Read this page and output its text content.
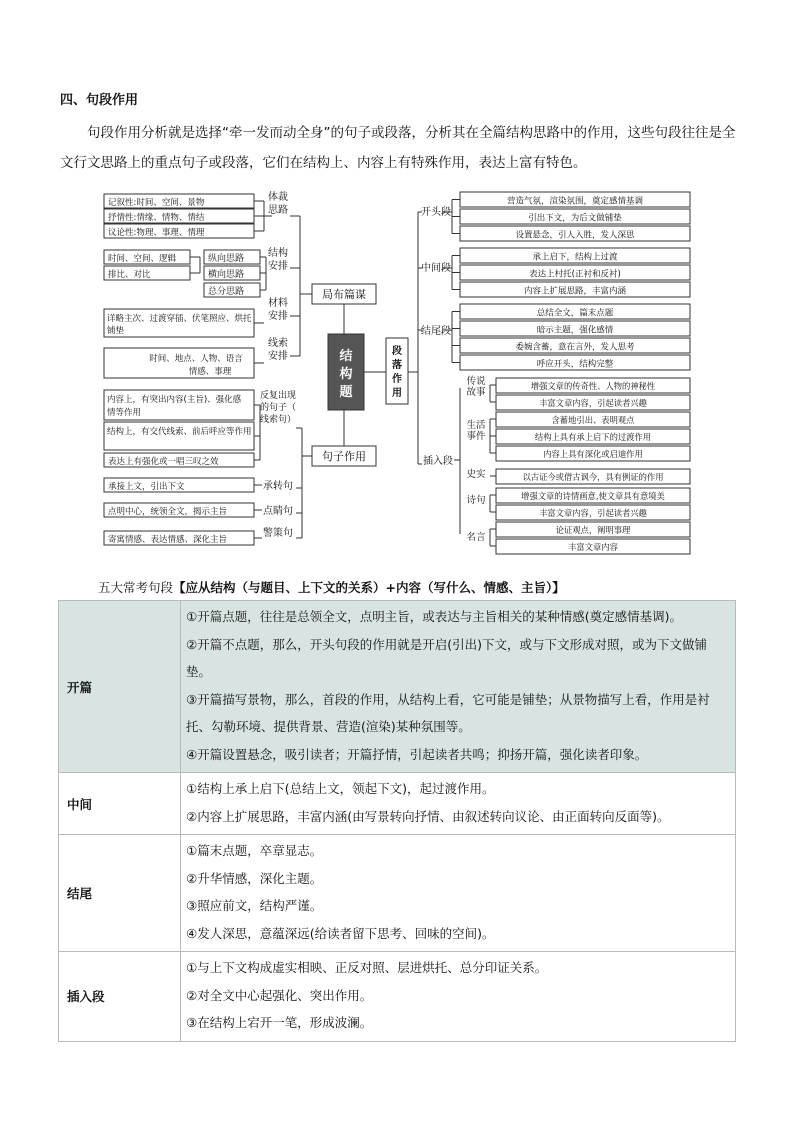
四、句段作用
句段作用分析就是选择“牵一发而动全身”的句子或段落，分析其在全篇结构思路中的作用，这些句段往往是全文行文思路上的重点句子或段落，它们在结构上、内容上有特殊作用，表达上富有特色。
结
构
题
局布篇谋
句子作用
段
落
作
用
记叙性:时间、空间、景物
抒情性:情缘、情物、情结
议论性:物理、事理、情理
体裁
思路
时间、空间、逻辑
排比、对比
纵向思路
横向思路
总分思路
结构
安排
详略主次、过渡穿插、伏笔照应、烘托
铺垫
材料
安排
时间、地点、人物、语言
情感、事理
线索
安排
内容上，有突出内容(主旨)、强化感
情等作用
结构上，有交代线索、前后呼应等作用
表达上有强化或一唱三叹之效
反复出现
的句子（
线索句）
承接上文，引出下文	承转句
点明中心，统领全文，揭示主旨	点睛句
寄寓情感、表达情感、深化主旨
警策句
营造气氛，渲染氛围，奠定感情基调
引出下文，为后文做铺垫
设置悬念，引人入胜，发人深思
开头段
承上启下，结构上过渡
表达上村托(正衬和反衬)
内容上扩展思路，丰富内涵
中间段
总结全文，篇末点题
暗示主题，强化感情
委婉含蓄，意在言外，发人思考
呼应开头，结构完整
结尾段
插入段
传说
故事
增强文章的传奇性、人物的神秘性
丰富文章内容，引起读者兴趣
生活
事件
含蓄地引出、表明观点
结构上具有承上启下的过渡作用
内容上具有深化或启迪作用
史实	以古证今或借古讽今，具有例证的作用
诗句	增强文章的诗情画意,使文章具有意境美
丰富文章内容，引起读者兴趣
名言
论证观点，阐明事理
丰富文章内容
五大常考句段【应从结构（与题目、上下文的关系）+内容（写什么、情感、主旨）】
开篇	①开篇点题，往往是总领全文，点明主旨，或表达与主旨相关的某种情感(奠定感情基调)。
②开篇不点题，那么，开头句段的作用就是开启(引出)下文，或与下文形成对照，或为下文做铺垫。
③开篇描写景物，那么，首段的作用，从结构上看，它可能是铺垫；从景物描写上看，作用是衬托、勾勒环境、提供背景、营造(渲染)某种氛围等。
④开篇设置悬念，吸引读者；开篇抒情，引起读者共鸣；抑扬开篇，强化读者印象。

中间	①结构上承上启下(总结上文，领起下文)，起过渡作用。
②内容上扩展思路，丰富内涵(由写景转向抒情、由叙述转向议论、由正面转向反面等)。

结尾	①篇末点题，卒章显志。
②升华情感，深化主题。
③照应前文，结构严谨。
④发人深思，意蕴深远(给读者留下思考、回味的空间)。

插入段	①与上下文构成虚实相映、正反对照、层进烘托、总分印证关系。
②对全文中心起强化、突出作用。
③在结构上宕开一笔，形成波澜。
